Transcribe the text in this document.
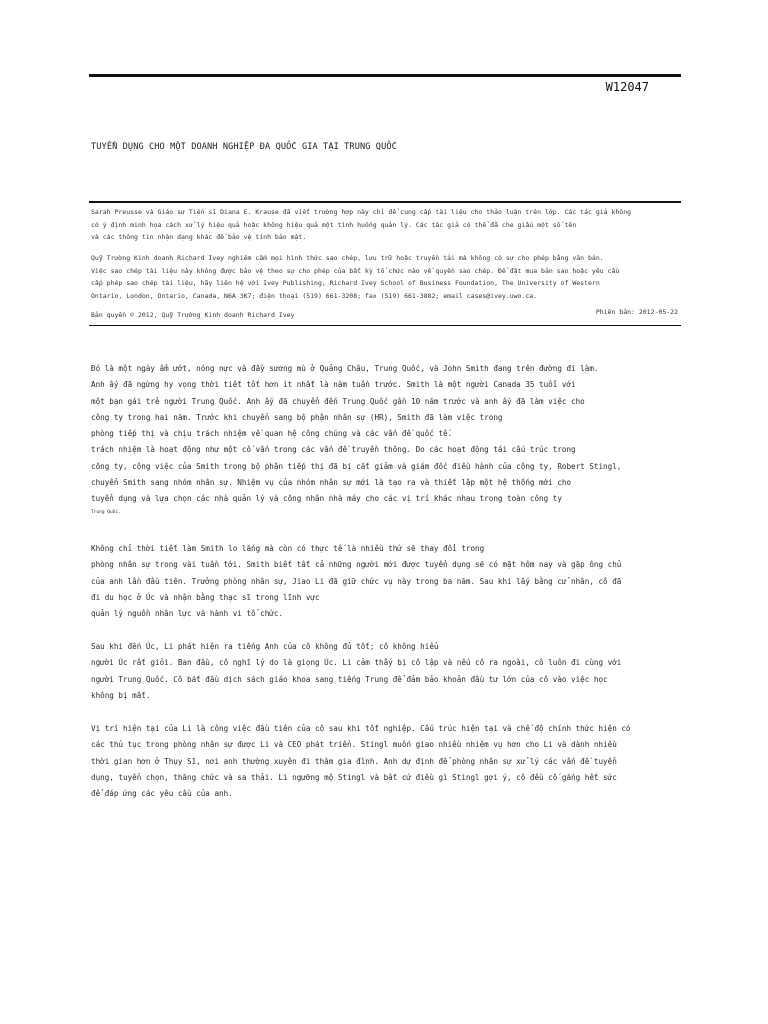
W12047
TUYỂN DỤNG CHO MỘT DOANH NGHIỆP ĐA QUỐC GIA TẠI TRUNG QUỐC

Sarah Preusse và Giáo sư Tiến sĩ Diana E. Krause đã viết trường hợp này chỉ để cung cấp tài liệu cho thảo luận trên lớp. Các tác giả không

có ý định minh họa cách xử lý hiệu quả hoặc không hiệu quả một tình huống quản lý. Các tác giả có thể đã che giấu một số tên

và các thông tin nhận dạng khác để bảo vệ tính bảo mật.

Quỹ Trường Kinh doanh Richard Ivey nghiêm cấm mọi hình thức sao chép, lưu trữ hoặc truyền tải mà không có sự cho phép bằng văn bản.

Việc sao chép tài liệu này không được bảo vệ theo sự cho phép của bất kỳ tổ chức nào về quyền sao chép. Để đặt mua bản sao hoặc yêu cầu

cấp phép sao chép tài liệu, hãy liên hệ với Ivey Publishing, Richard Ivey School of Business Foundation, The University of Western

Ontario, London, Ontario, Canada, N6A 3K7; điện thoại (519) 661-3208; fax (519) 661-3882; email cases@ivey.uwo.ca.

Bản quyền © 2012, Quỹ Trường Kinh doanh Richard Ivey	Phiên bản: 2012-05-22

Đó là một ngày ẩm ướt, nóng nực và đầy sương mù ở Quảng Châu, Trung Quốc, và John Smith đang trên đường đi làm.

Anh ấy đã ngừng hy vọng thời tiết tốt hơn ít nhất là năm tuần trước. Smith là một người Canada 35 tuổi với

một bạn gái trẻ người Trung Quốc. Anh ấy đã chuyển đến Trung Quốc gần 10 năm trước và anh ấy đã làm việc cho

công ty trong hai năm. Trước khi chuyển sang bộ phận nhân sự (HR), Smith đã làm việc trong

phòng tiếp thị và chịu trách nhiệm về quan hệ công chúng và các vấn đề quốc tế.

trách nhiệm là hoạt động như một cố vấn trong các vấn đề truyền thông. Do các hoạt động tái cấu trúc trong

công ty, công việc của Smith trong bộ phận tiếp thị đã bị cắt giảm và giám đốc điều hành của công ty, Robert Stingl,

chuyển Smith sang nhóm nhân sự. Nhiệm vụ của nhóm nhân sự mới là tạo ra và thiết lập một hệ thống mới cho

tuyển dụng và lựa chọn các nhà quản lý và công nhân nhà máy cho các vị trí khác nhau trong toàn công ty

Trung Quốc.

Không chỉ thời tiết làm Smith lo lắng mà còn có thực tế là nhiều thứ sẽ thay đổi trong

phòng nhân sự trong vài tuần tới. Smith biết tất cả những người mới được tuyển dụng sẽ có mặt hôm nay và gặp ông chủ

của anh lần đầu tiên. Trưởng phòng nhân sự, Jiao Li đã giữ chức vụ này trong ba năm. Sau khi lấy bằng cử nhân, cô đã

đi du học ở Úc và nhận bằng thạc sĩ trong lĩnh vực

quản lý nguồn nhân lực và hành vi tổ chức.

Sau khi đến Úc, Li phát hiện ra tiếng Anh của cô không đủ tốt; cô không hiểu

người Úc rất giỏi. Ban đầu, cô nghĩ lý do là giọng Úc. Li cảm thấy bị cô lập và nếu cô ra ngoài, cô luôn đi cùng với

người Trung Quốc. Cô bắt đầu dịch sách giáo khoa sang tiếng Trung để đảm bảo khoản đầu tư lớn của cô vào việc học

không bị mất.

Vị trí hiện tại của Li là công việc đầu tiên của cô sau khi tốt nghiệp. Cấu trúc hiện tại và chế độ chính thức hiện có

các thủ tục trong phòng nhân sự được Li và CEO phát triển. Stingl muốn giao nhiều nhiệm vụ hơn cho Li và dành nhiều

thời gian hơn ở Thụy Sĩ, nơi anh thường xuyên đi thăm gia đình. Anh dự định để phòng nhân sự xử lý các vấn đề tuyển

dụng, tuyển chọn, thăng chức và sa thải. Li ngưỡng mộ Stingl và bất cứ điều gì Stingl gợi ý, cô đều cố gắng hết sức

để đáp ứng các yêu cầu của anh.
